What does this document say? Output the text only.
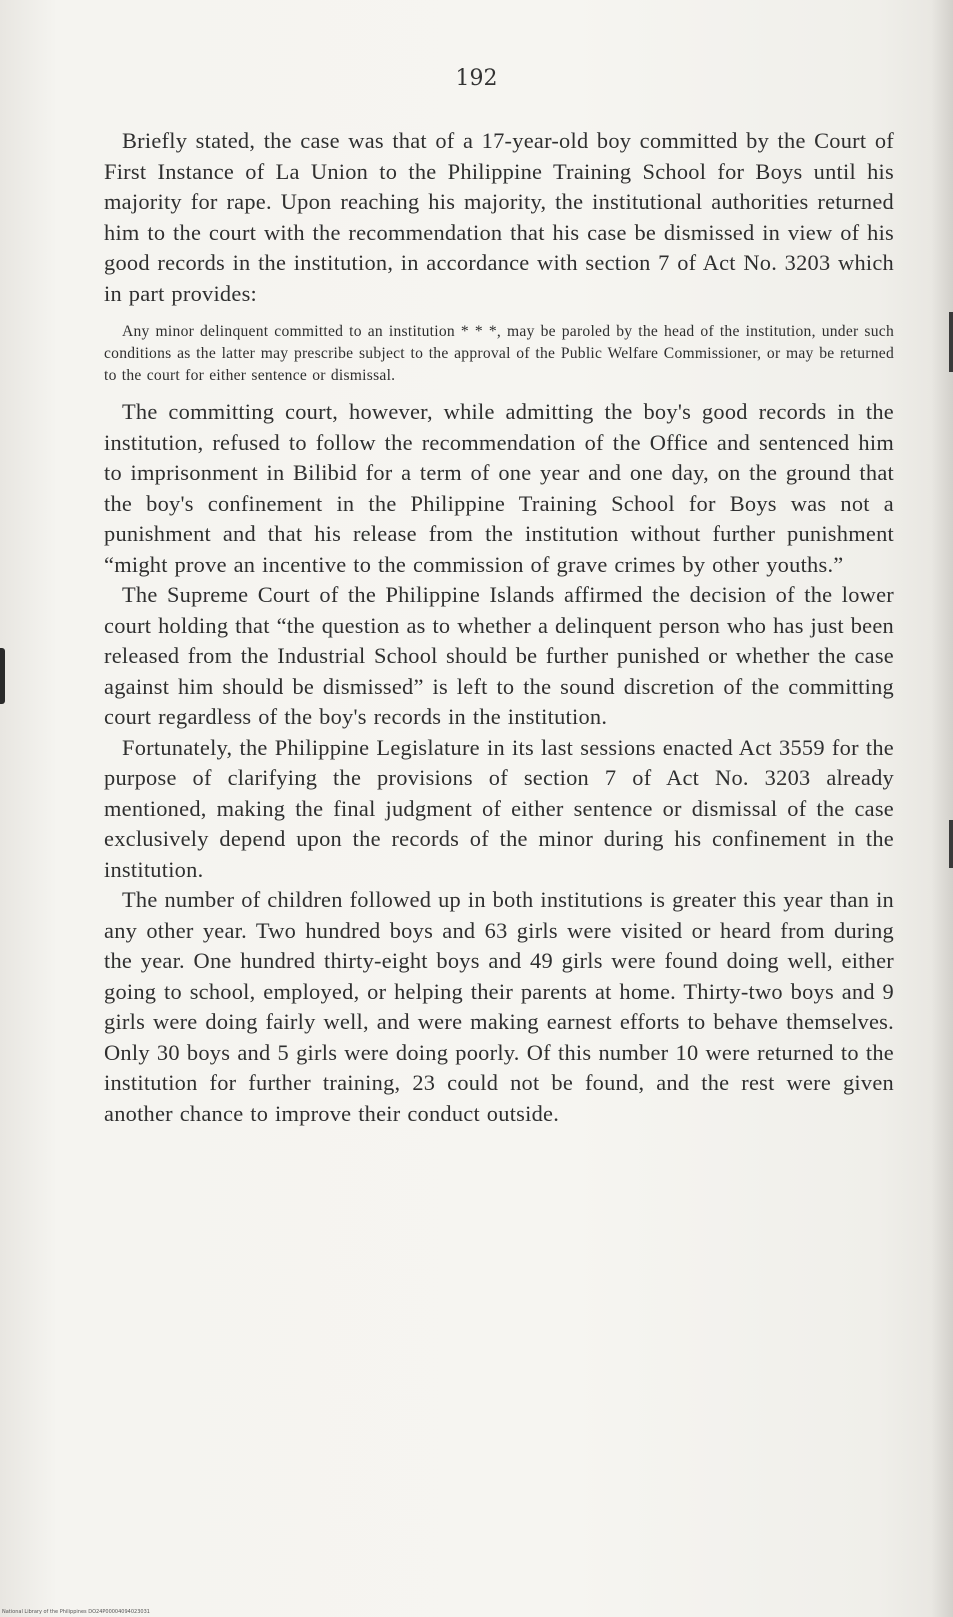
192

Briefly stated, the case was that of a 17-year-old boy committed by the Court of First Instance of La Union to the Philippine Training School for Boys until his majority for rape. Upon reaching his majority, the institutional authorities returned him to the court with the recommendation that his case be dismissed in view of his good records in the institution, in accordance with section 7 of Act No. 3203 which in part provides:

Any minor delinquent committed to an institution * * *, may be paroled by the head of the institution, under such conditions as the latter may prescribe subject to the approval of the Public Welfare Commissioner, or may be returned to the court for either sentence or dismissal.

The committing court, however, while admitting the boy's good records in the institution, refused to follow the recommendation of the Office and sentenced him to imprisonment in Bilibid for a term of one year and one day, on the ground that the boy's confinement in the Philippine Training School for Boys was not a punishment and that his release from the institution without further punishment “might prove an incentive to the commission of grave crimes by other youths.”

The Supreme Court of the Philippine Islands affirmed the decision of the lower court holding that “the question as to whether a delinquent person who has just been released from the Industrial School should be further punished or whether the case against him should be dismissed” is left to the sound discretion of the committing court regardless of the boy's records in the institution.

Fortunately, the Philippine Legislature in its last sessions enacted Act 3559 for the purpose of clarifying the provisions of section 7 of Act No. 3203 already mentioned, making the final judgment of either sentence or dismissal of the case exclusively depend upon the records of the minor during his confinement in the institution.

The number of children followed up in both institutions is greater this year than in any other year. Two hundred boys and 63 girls were visited or heard from during the year. One hundred thirty-eight boys and 49 girls were found doing well, either going to school, employed, or helping their parents at home. Thirty-two boys and 9 girls were doing fairly well, and were making earnest efforts to behave themselves. Only 30 boys and 5 girls were doing poorly. Of this number 10 were returned to the institution for further training, 23 could not be found, and the rest were given another chance to improve their conduct outside.

National Library of the Philippines DO24P00004094023031
